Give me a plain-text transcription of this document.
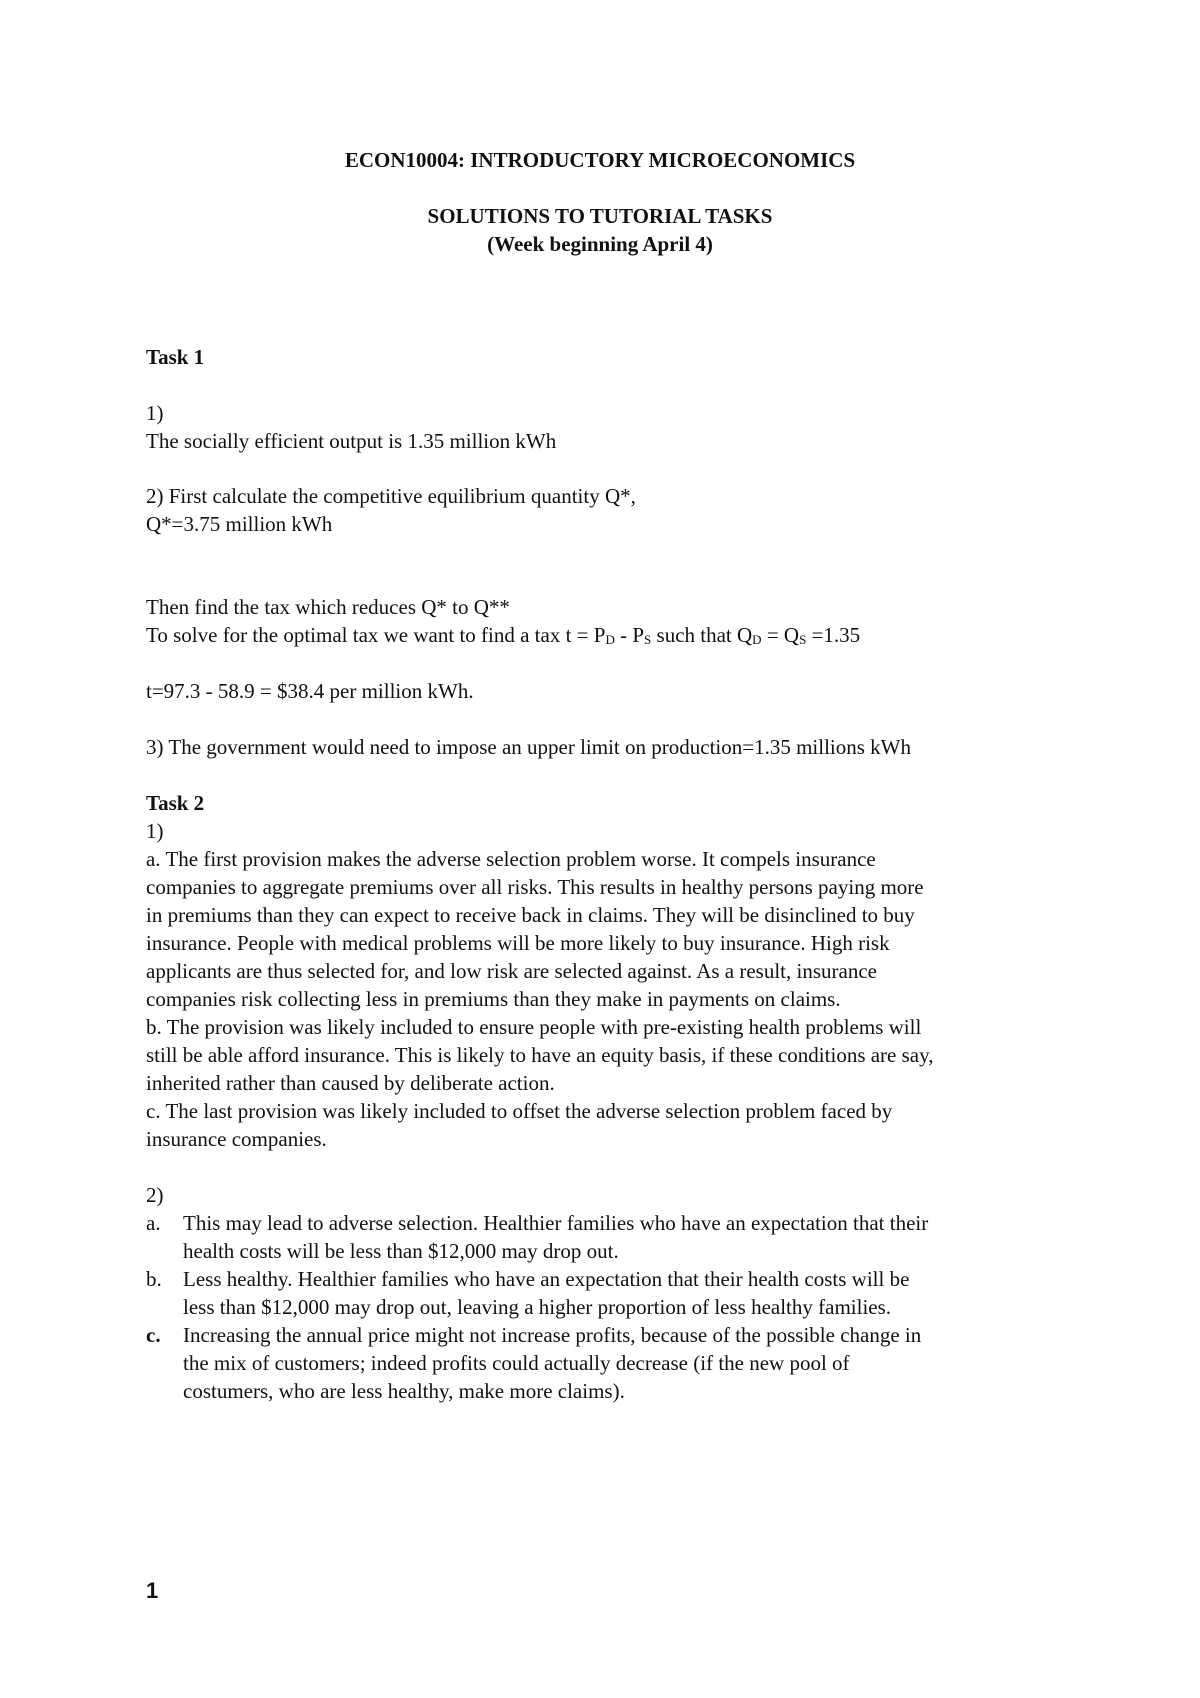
ECON10004: INTRODUCTORY MICROECONOMICS
SOLUTIONS TO TUTORIAL TASKS
(Week beginning April 4)
Task 1
1)
The socially efficient output is 1.35 million kWh
2) First calculate the competitive equilibrium quantity Q*,
Q*=3.75 million kWh
Then find the tax which reduces Q* to Q**
To solve for the optimal tax we want to find a tax t = PD - PS such that QD = QS =1.35
t=97.3 - 58.9 = $38.4 per million kWh.
3) The government would need to impose an upper limit on production=1.35 millions kWh
Task 2
1)
a. The first provision makes the adverse selection problem worse. It compels insurance
companies to aggregate premiums over all risks. This results in healthy persons paying more
in premiums than they can expect to receive back in claims. They will be disinclined to buy
insurance. People with medical problems will be more likely to buy insurance. High risk
applicants are thus selected for, and low risk are selected against. As a result, insurance
companies risk collecting less in premiums than they make in payments on claims.
b. The provision was likely included to ensure people with pre-existing health problems will
still be able afford insurance. This is likely to have an equity basis, if these conditions are say,
inherited rather than caused by deliberate action.
c. The last provision was likely included to offset the adverse selection problem faced by
insurance companies.
2)
a. This may lead to adverse selection. Healthier families who have an expectation that their
health costs will be less than $12,000 may drop out.
b. Less healthy. Healthier families who have an expectation that their health costs will be
less than $12,000 may drop out, leaving a higher proportion of less healthy families.
c. Increasing the annual price might not increase profits, because of the possible change in
the mix of customers; indeed profits could actually decrease (if the new pool of
costumers, who are less healthy, make more claims).
1
